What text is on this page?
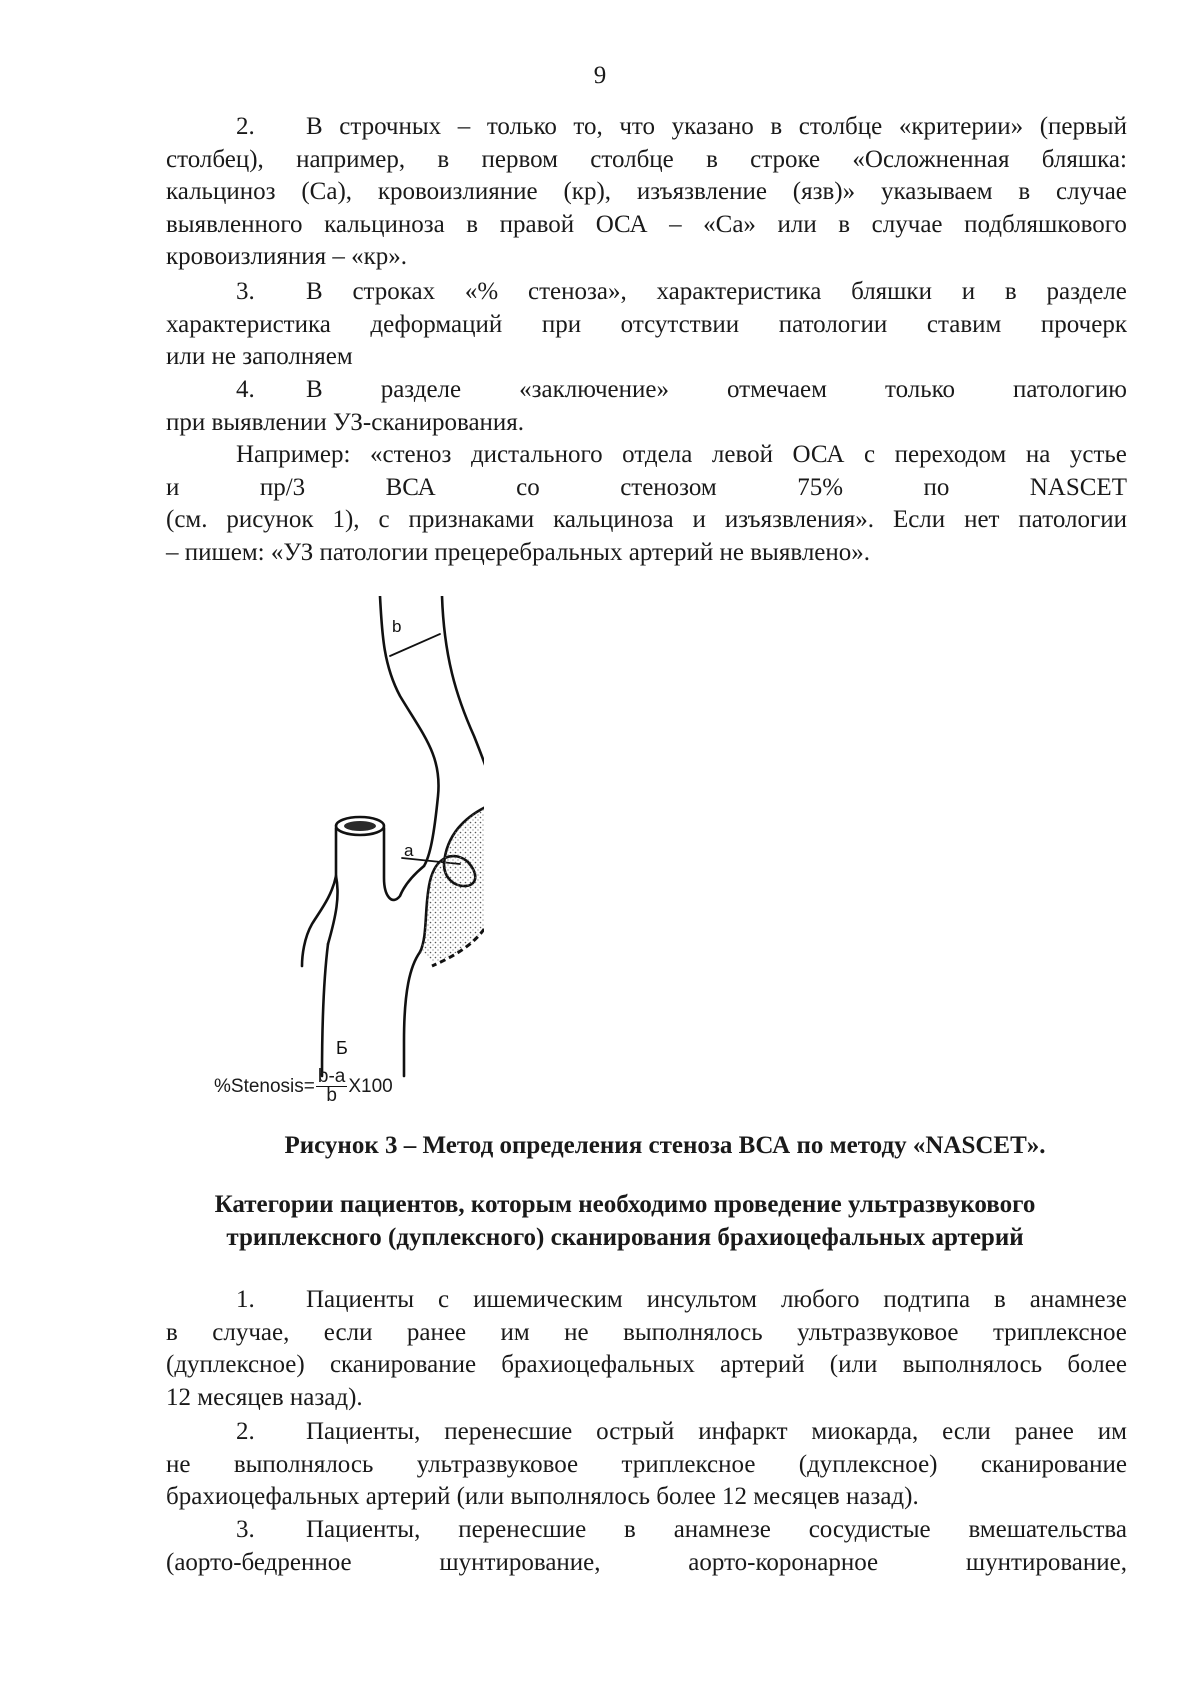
9
2. В строчных – только то, что указано в столбце «критерии» (первый
столбец), например, в первом столбце в строке «Осложненная бляшка:
кальциноз (Са), кровоизлияние (кр), изъязвление (язв)» указываем в случае
выявленного кальциноза в правой ОСА – «Са» или в случае подбляшкового
кровоизлияния – «кр».
3. В строках «% стеноза», характеристика бляшки и в разделе
характеристика деформаций при отсутствии патологии ставим прочерк
или не заполняем
4. В разделе «заключение» отмечаем только патологию
при выявлении УЗ-сканирования.
Например: «стеноз дистального отдела левой ОСА с переходом на устье
и	пр/3	ВСА	со	стенозом	75%	по	NASCET
(см. рисунок 1), с признаками кальциноза и изъязвления». Если нет патологии
– пишем: «УЗ патологии прецеребральных артерий не выявлено».
b
a
Б
%Stenosis= $\frac{b-a}{b} X100$
Рисунок 3 – Метод определения стеноза ВСА по методу «NASCET».
Категории пациентов, которым необходимо проведение ультразвукового
триплексного (дуплексного) сканирования брахиоцефальных артерий
1. Пациенты с ишемическим инсультом любого подтипа в анамнезе
в случае, если ранее им не выполнялось ультразвуковое триплексное
(дуплексное) сканирование брахиоцефальных артерий (или выполнялось более
12 месяцев назад).
2. Пациенты, перенесшие острый инфаркт миокарда, если ранее им
не выполнялось ультразвуковое триплексное (дуплексное) сканирование
брахиоцефальных артерий (или выполнялось более 12 месяцев назад).
3. Пациенты, перенесшие в анамнезе сосудистые вмешательства
(аорто-бедренное	шунтирование,	аорто-коронарное	шунтирование,
